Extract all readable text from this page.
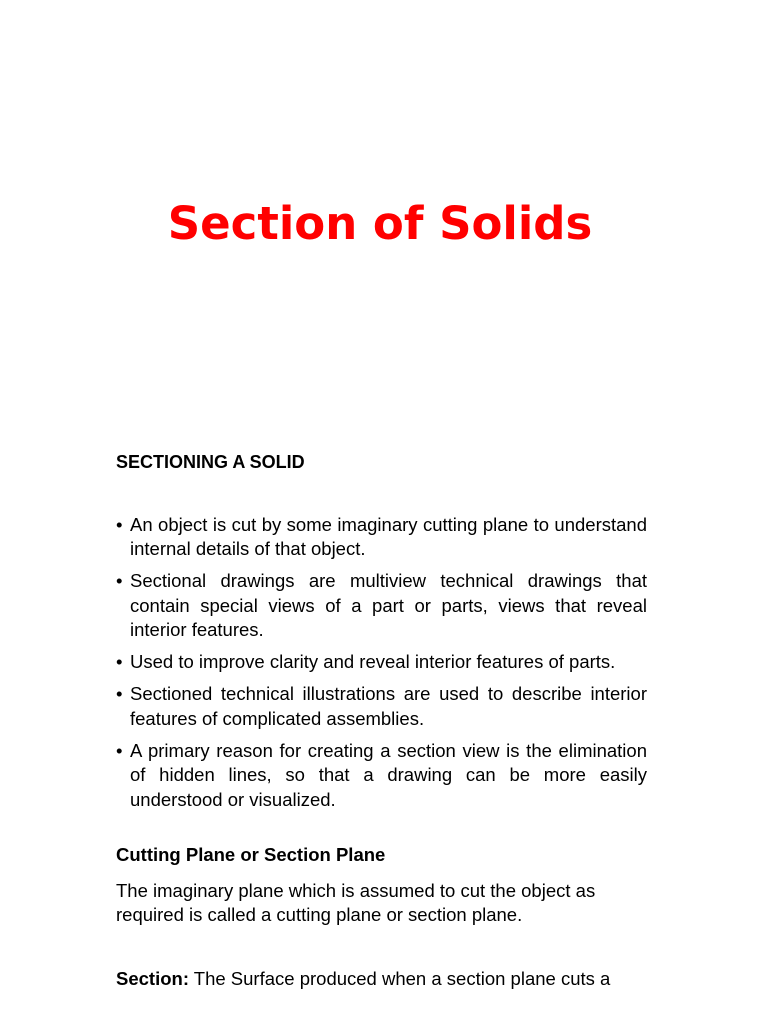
Section of Solids

SECTIONING A SOLID

• An object is cut by some imaginary cutting plane to understand internal details of that object.
• Sectional drawings are multiview technical drawings that contain special views of a part or parts, views that reveal interior features.
• Used to improve clarity and reveal interior features of parts.
• Sectioned technical illustrations are used to describe interior features of complicated assemblies.
• A primary reason for creating a section view is the elimination of hidden lines, so that a drawing can be more easily understood or visualized.

Cutting Plane or Section Plane

The imaginary plane which is assumed to cut the object as required is called a cutting plane or section plane.

Section: The Surface produced when a section plane cuts a
